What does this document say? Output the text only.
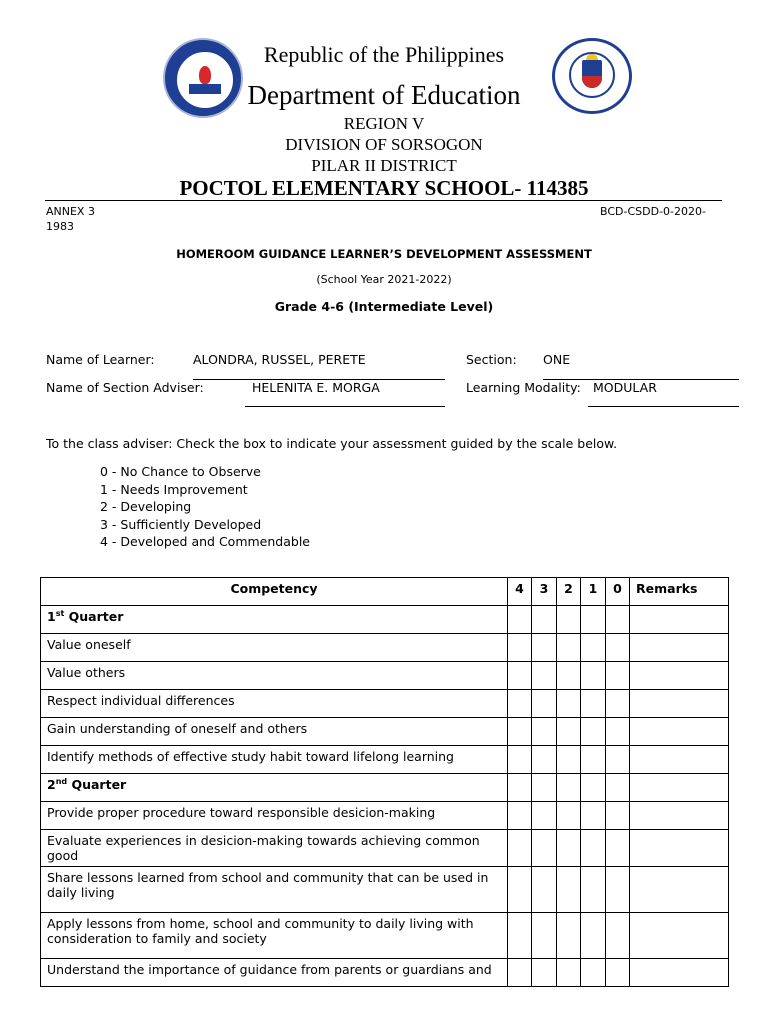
Republic of the Philippines
Department of Education
REGION V
DIVISION OF SORSOGON
PILAR II DISTRICT
POCTOL ELEMENTARY SCHOOL- 114385
ANNEX 3
1983
BCD-CSDD-0-2020-
HOMEROOM GUIDANCE LEARNER’S DEVELOPMENT ASSESSMENT
(School Year 2021-2022)
Grade 4-6 (Intermediate Level)
Name of Learner:	ALONDRA, RUSSEL, PERETE	Section: ONE
Name of Section Adviser:	HELENITA E. MORGA	Learning Modality: MODULAR
To the class adviser: Check the box to indicate your assessment guided by the scale below.
0 - No Chance to Observe
1 - Needs Improvement
2 - Developing
3 - Sufficiently Developed
4 - Developed and Commendable
Competency	4	3	2	1	0	Remarks
1st Quarter						
Value oneself						
Value others						
Respect individual differences						
Gain understanding of oneself and others						
Identify methods of effective study habit toward lifelong learning						
2nd Quarter						
Provide proper procedure toward responsible desicion-making						
Evaluate experiences in desicion-making towards achieving common good						
Share lessons learned from school and community that can be used in daily living						
Apply lessons from home, school and community to daily living with consideration to family and society						
Understand the importance of guidance from parents or guardians and						
